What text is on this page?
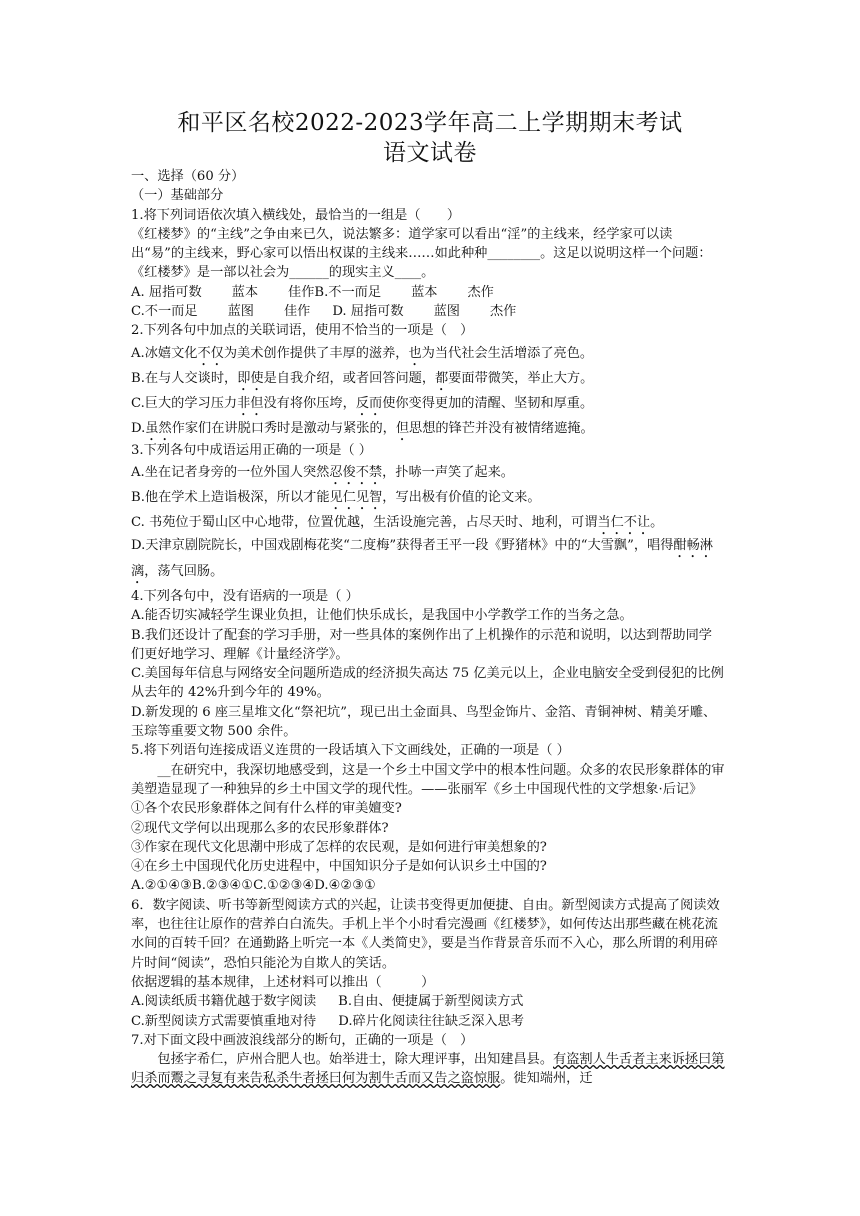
和平区名校2022-2023学年高二上学期期末考试
语文试卷
一、选择（60 分）
（一）基础部分
1.将下列词语依次填入横线处，最恰当的一组是（　　）
《红楼梦》的“主线”之争由来已久，说法繁多：道学家可以看出“淫”的主线来，经学家可以读出“易”的主线来，野心家可以悟出权谋的主线来……如此种种________。这足以说明这样一个问题：《红楼梦》是一部以社会为______的现实主义____。
A. 屈指可数 蓝本 佳作B.不一而足 蓝本 杰作
C.不一而足 蓝图 佳作 D. 屈指可数 蓝图 杰作
2.下列各句中加点的关联词语，使用不恰当的一项是（　）
A.冰嬉文化不仅为美术创作提供了丰厚的滋养，也为当代社会生活增添了亮色。
B.在与人交谈时，即使是自我介绍，或者回答问题，都要面带微笑，举止大方。
C.巨大的学习压力非但没有将你压垮，反而使你变得更加的清醒、坚韧和厚重。
D.虽然作家们在讲脱口秀时是激动与紧张的，但思想的锋芒并没有被情绪遮掩。
3.下列各句中成语运用正确的一项是（ ）
A.坐在记者身旁的一位外国人突然忍俊不禁，扑哧一声笑了起来。
B.他在学术上造诣极深，所以才能见仁见智，写出极有价值的论文来。
C. 书苑位于蜀山区中心地带，位置优越，生活设施完善，占尽天时、地利，可谓当仁不让。
D.天津京剧院院长，中国戏剧梅花奖“二度梅”获得者王平一段《野猪林》中的“大雪飘”，唱得酣畅淋漓，荡气回肠。
4.下列各句中，没有语病的一项是（ ）
A.能否切实减轻学生课业负担，让他们快乐成长，是我国中小学教学工作的当务之急。
B.我们还设计了配套的学习手册，对一些具体的案例作出了上机操作的示范和说明，以达到帮助同学们更好地学习、理解《计量经济学》。
C.美国每年信息与网络安全问题所造成的经济损失高达 75 亿美元以上，企业电脑安全受到侵犯的比例从去年的 42%升到今年的 49%。
D.新发现的 6 座三星堆文化“祭祀坑”，现已出土金面具、鸟型金饰片、金箔、青铜神树、精美牙雕、玉琮等重要文物 500 余件。
5.将下列语句连接成语义连贯的一段话填入下文画线处，正确的一项是（ ）
__在研究中，我深切地感受到，这是一个乡土中国文学中的根本性问题。众多的农民形象群体的审美塑造显现了一种独异的乡土中国文学的现代性。——张丽军《乡土中国现代性的文学想象·后记》
①各个农民形象群体之间有什么样的审美嬗变?
②现代文学何以出现那么多的农民形象群体?
③作家在现代文化思潮中形成了怎样的农民观，是如何进行审美想象的?
④在乡土中国现代化历史进程中，中国知识分子是如何认识乡土中国的?
A.②①④③B.②③④①C.①②③④D.④②③①
6．数字阅读、听书等新型阅读方式的兴起，让读书变得更加便捷、自由。新型阅读方式提高了阅读效率，也往往让原作的营养白白流失。手机上半个小时看完漫画《红楼梦》，如何传达出那些藏在桃花流水间的百转千回？在通勤路上听完一本《人类简史》，要是当作背景音乐而不入心，那么所谓的利用碎片时间“阅读”，恐怕只能沦为自欺人的笑话。
依据逻辑的基本规律，上述材料可以推出（　　　）
A.阅读纸质书籍优越于数字阅读 B.自由、便捷属于新型阅读方式
C.新型阅读方式需要慎重地对待 D.碎片化阅读往往缺乏深入思考
7.对下面文段中画波浪线部分的断句，正确的一项是（　）
包拯字希仁，庐州合肥人也。始举进士，除大理评事，出知建昌县。有盗割人牛舌者主来诉拯曰第归杀而鬻之寻复有来告私杀牛者拯曰何为割牛舌而又告之盗惊服。徙知端州，迁
